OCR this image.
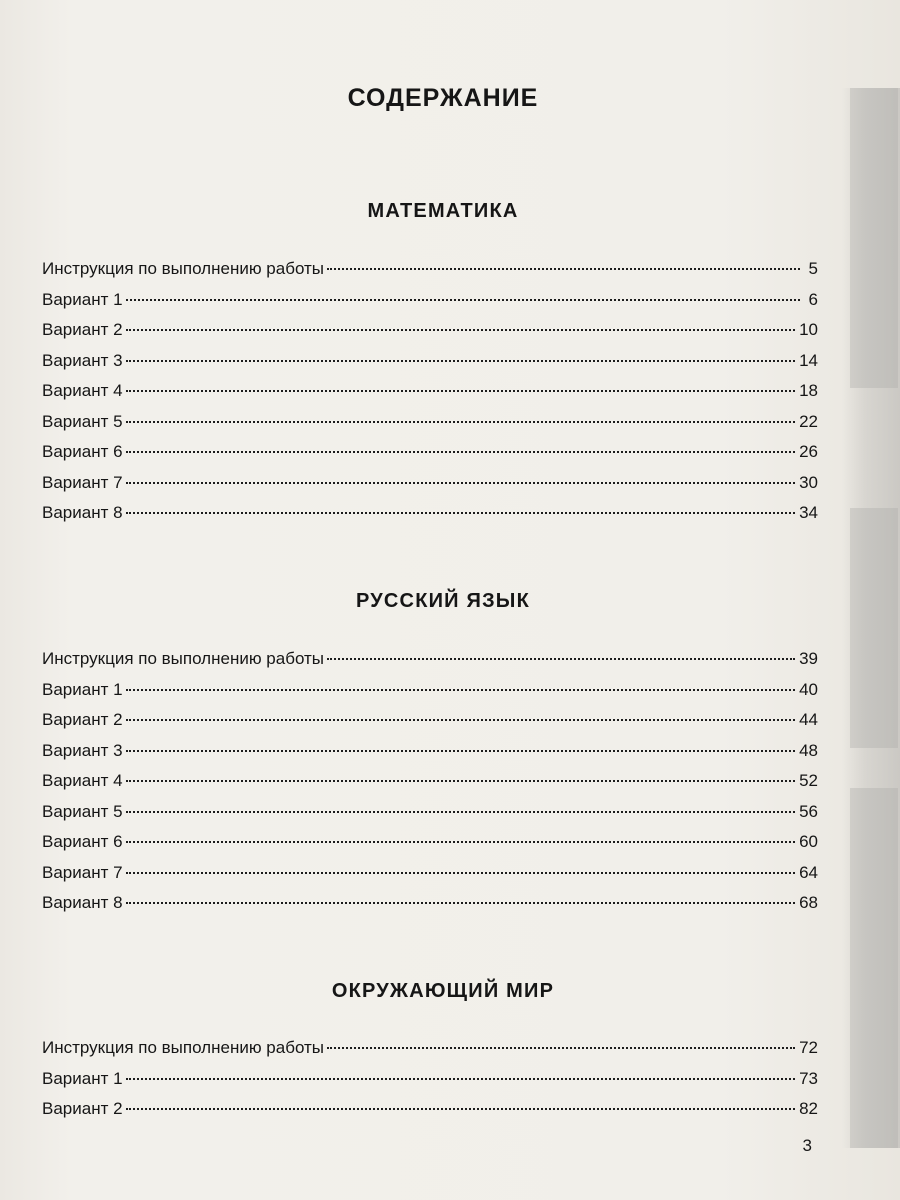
СОДЕРЖАНИЕ
МАТЕМАТИКА
Инструкция по выполнению работы	5
Вариант 1	6
Вариант 2	10
Вариант 3	14
Вариант 4	18
Вариант 5	22
Вариант 6	26
Вариант 7	30
Вариант 8	34
РУССКИЙ ЯЗЫК
Инструкция по выполнению работы	39
Вариант 1	40
Вариант 2	44
Вариант 3	48
Вариант 4	52
Вариант 5	56
Вариант 6	60
Вариант 7	64
Вариант 8	68
ОКРУЖАЮЩИЙ МИР
Инструкция по выполнению работы	72
Вариант 1	73
Вариант 2	82

3
